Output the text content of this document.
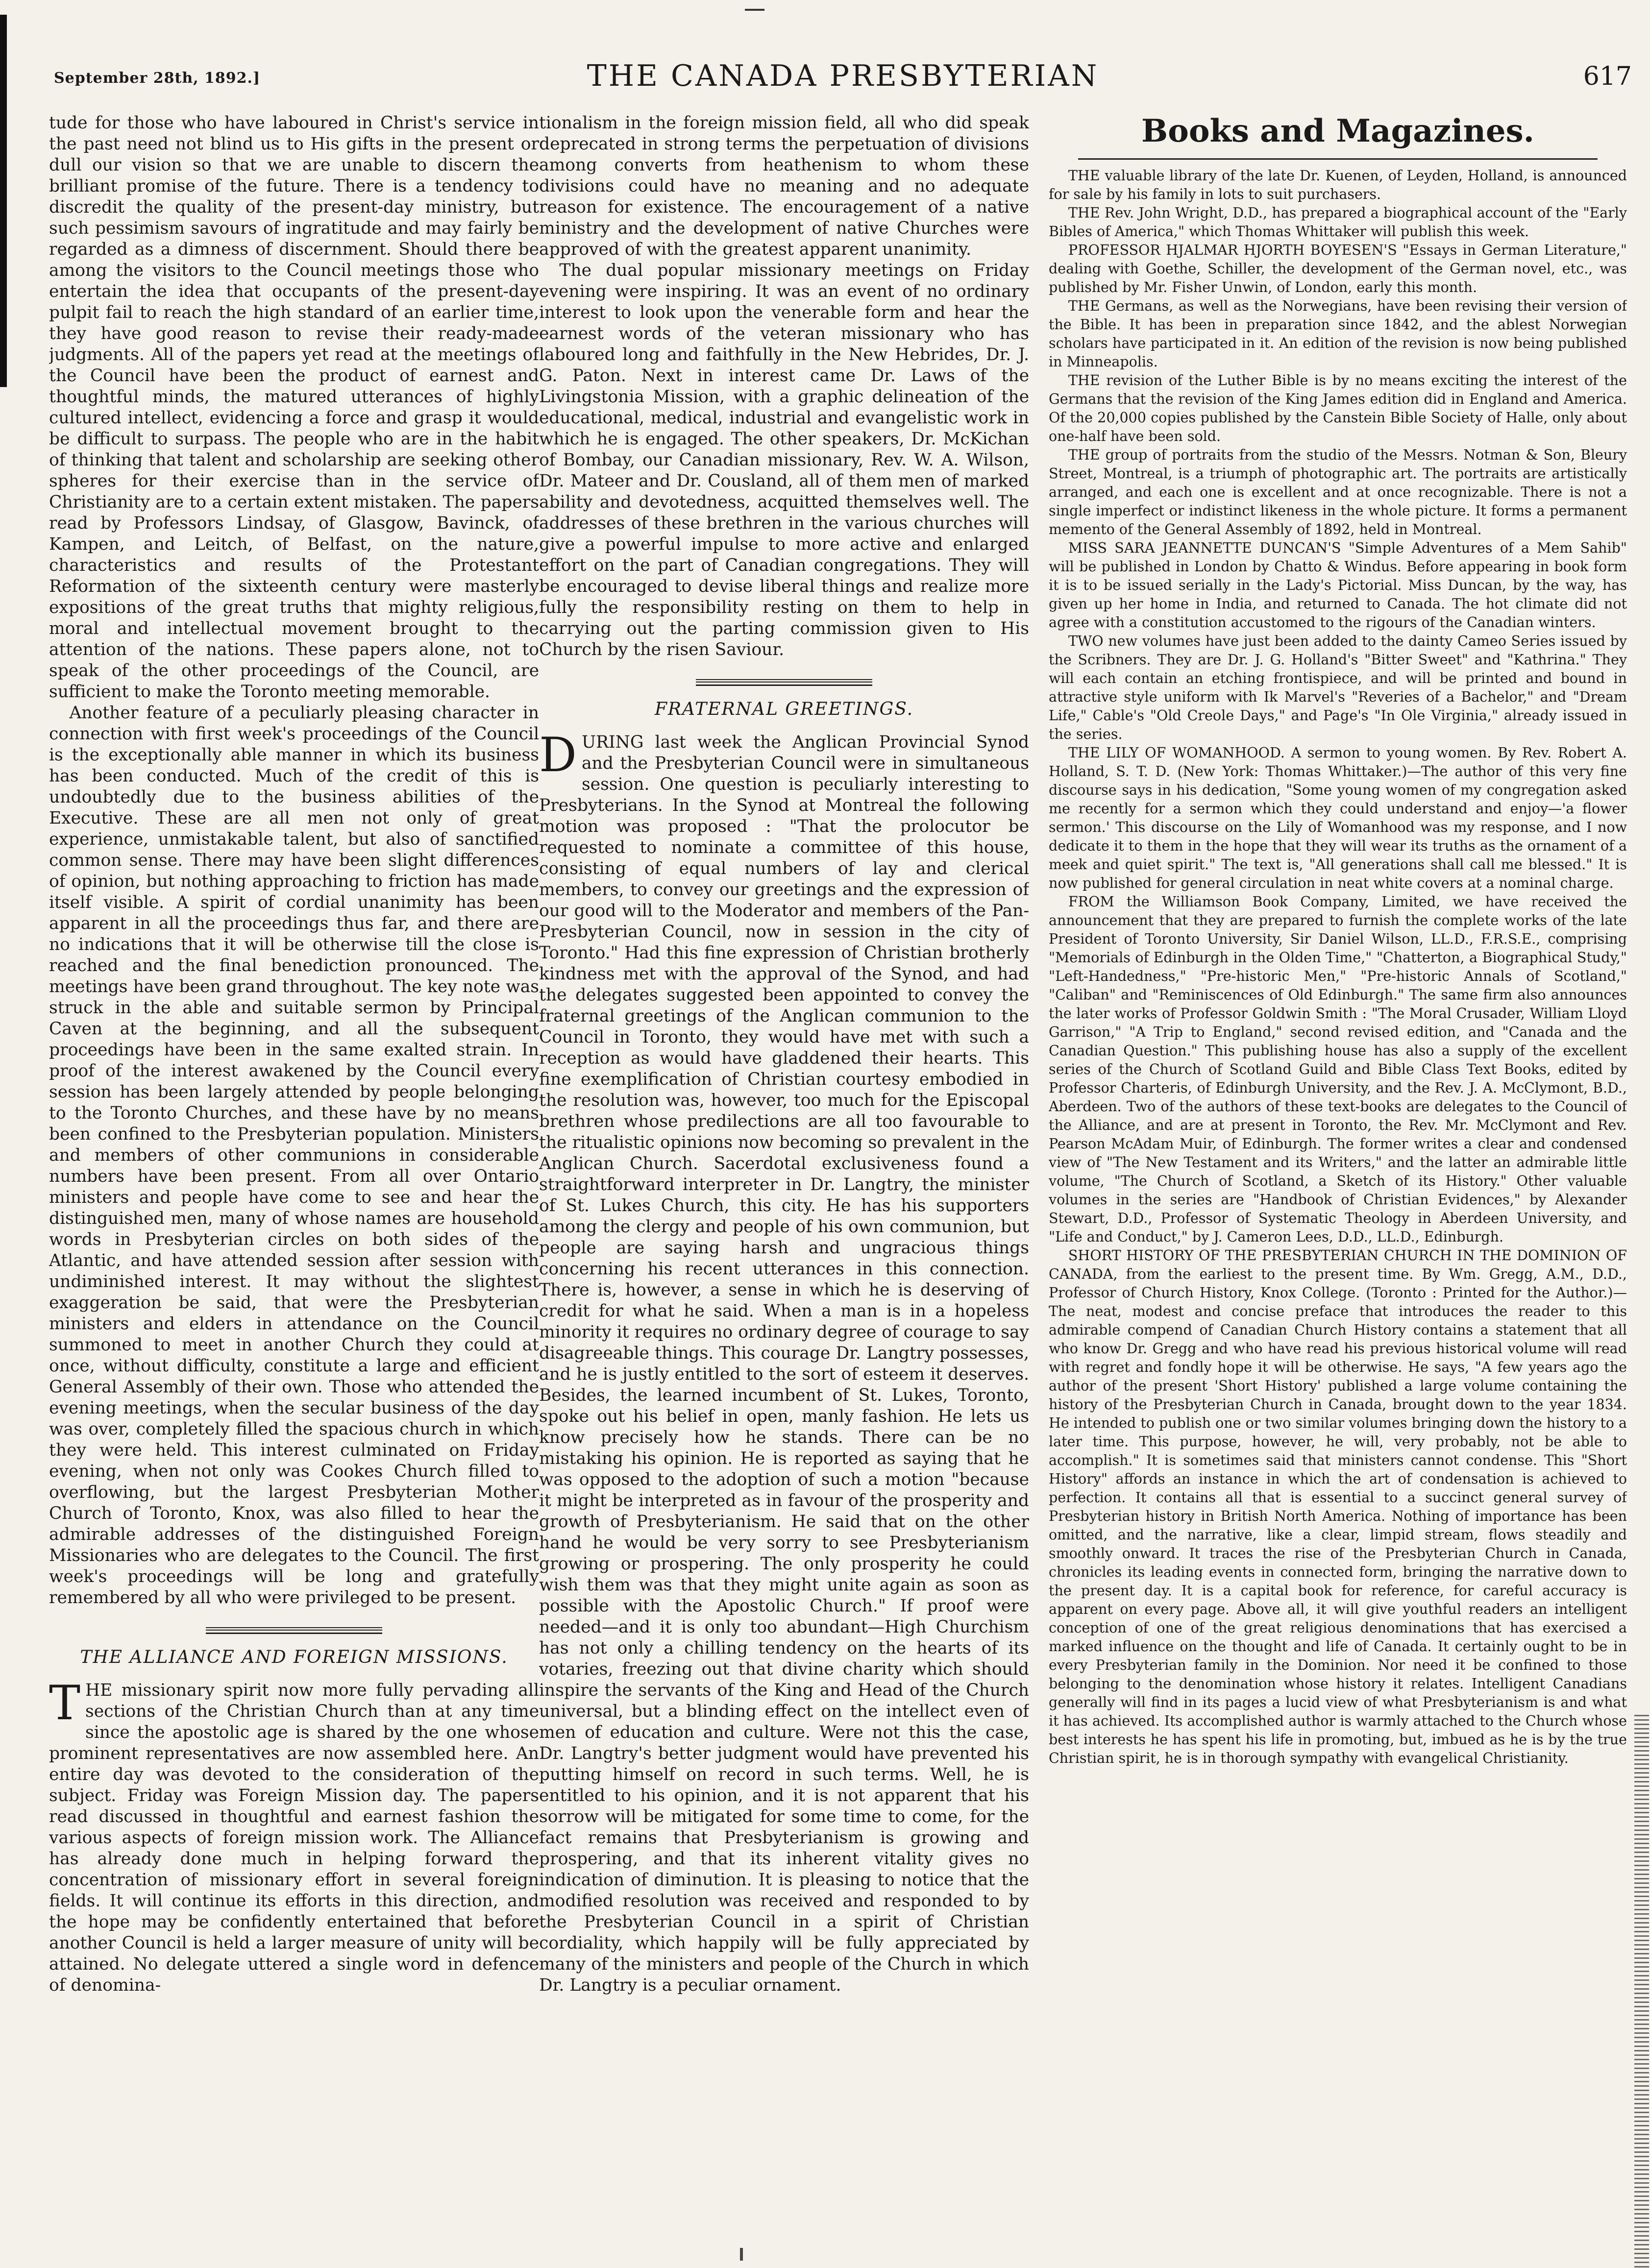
September 28th, 1892.]	THE CANADA PRESBYTERIAN	617

tude for those who have laboured in Christ's service in the past need not blind us to His gifts in the present or dull our vision so that we are unable to discern the brilliant promise of the future. There is a tendency to discredit the quality of the present-day ministry, but such pessimism savours of ingratitude and may fairly be regarded as a dimness of discernment. Should there be among the visitors to the Council meetings those who entertain the idea that occupants of the present-day pulpit fail to reach the high standard of an earlier time, they have good reason to revise their ready-made judgments. All of the papers yet read at the meetings of the Council have been the product of earnest and thoughtful minds, the matured utterances of highly cultured intellect, evidencing a force and grasp it would be difficult to surpass. The people who are in the habit of thinking that talent and scholarship are seeking other spheres for their exercise than in the service of Christianity are to a certain extent mistaken. The papers read by Professors Lindsay, of Glasgow, Bavinck, of Kampen, and Leitch, of Belfast, on the nature, characteristics and results of the Protestant Reformation of the sixteenth century were masterly expositions of the great truths that mighty religious, moral and intellectual movement brought to the attention of the nations. These papers alone, not to speak of the other proceedings of the Council, are sufficient to make the Toronto meeting memorable.

Another feature of a peculiarly pleasing character in connection with first week's proceedings of the Council is the exceptionally able manner in which its business has been conducted. Much of the credit of this is undoubtedly due to the business abilities of the Executive. These are all men not only of great experience, unmistakable talent, but also of sanctified common sense. There may have been slight differences of opinion, but nothing approaching to friction has made itself visible. A spirit of cordial unanimity has been apparent in all the proceedings thus far, and there are no indications that it will be otherwise till the close is reached and the final benediction pronounced. The meetings have been grand throughout. The key note was struck in the able and suitable sermon by Principal Caven at the beginning, and all the subsequent proceedings have been in the same exalted strain. In proof of the interest awakened by the Council every session has been largely attended by people belonging to the Toronto Churches, and these have by no means been confined to the Presbyterian population. Ministers and members of other communions in considerable numbers have been present. From all over Ontario ministers and people have come to see and hear the distinguished men, many of whose names are household words in Presbyterian circles on both sides of the Atlantic, and have attended session after session with undiminished interest. It may without the slightest exaggeration be said, that were the Presbyterian ministers and elders in attendance on the Council summoned to meet in another Church they could at once, without difficulty, constitute a large and efficient General Assembly of their own. Those who attended the evening meetings, when the secular business of the day was over, completely filled the spacious church in which they were held. This interest culminated on Friday evening, when not only was Cookes Church filled to overflowing, but the largest Presbyterian Mother Church of Toronto, Knox, was also filled to hear the admirable addresses of the distinguished Foreign Missionaries who are delegates to the Council. The first week's proceedings will be long and gratefully remembered by all who were privileged to be present.

THE ALLIANCE AND FOREIGN MISSIONS.

THE missionary spirit now more fully pervading all sections of the Christian Church than at any time since the apostolic age is shared by the one whose prominent representatives are now assembled here. An entire day was devoted to the consideration of the subject. Friday was Foreign Mission day. The papers read discussed in thoughtful and earnest fashion the various aspects of foreign mission work. The Alliance has already done much in helping forward the concentration of missionary effort in several foreign fields. It will continue its efforts in this direction, and the hope may be confidently entertained that before another Council is held a larger measure of unity will be attained. No delegate uttered a single word in defence of denomina-

tionalism in the foreign mission field, all who did speak deprecated in strong terms the perpetuation of divisions among converts from heathenism to whom these divisions could have no meaning and no adequate reason for existence. The encouragement of a native ministry and the development of native Churches were approved of with the greatest apparent unanimity.

The dual popular missionary meetings on Friday evening were inspiring. It was an event of no ordinary interest to look upon the venerable form and hear the earnest words of the veteran missionary who has laboured long and faithfully in the New Hebrides, Dr. J. G. Paton. Next in interest came Dr. Laws of the Livingstonia Mission, with a graphic delineation of the educational, medical, industrial and evangelistic work in which he is engaged. The other speakers, Dr. McKichan of Bombay, our Canadian missionary, Rev. W. A. Wilson, Dr. Mateer and Dr. Cousland, all of them men of marked ability and devotedness, acquitted themselves well. The addresses of these brethren in the various churches will give a powerful impulse to more active and enlarged effort on the part of Canadian congregations. They will be encouraged to devise liberal things and realize more fully the responsibility resting on them to help in carrying out the parting commission given to His Church by the risen Saviour.

FRATERNAL GREETINGS.

DURING last week the Anglican Provincial Synod and the Presbyterian Council were in simultaneous session. One question is peculiarly interesting to Presbyterians. In the Synod at Montreal the following motion was proposed : "That the prolocutor be requested to nominate a committee of this house, consisting of equal numbers of lay and clerical members, to convey our greetings and the expression of our good will to the Moderator and members of the Pan-Presbyterian Council, now in session in the city of Toronto." Had this fine expression of Christian brotherly kindness met with the approval of the Synod, and had the delegates suggested been appointed to convey the fraternal greetings of the Anglican communion to the Council in Toronto, they would have met with such a reception as would have gladdened their hearts. This fine exemplification of Christian courtesy embodied in the resolution was, however, too much for the Episcopal brethren whose predilections are all too favourable to the ritualistic opinions now becoming so prevalent in the Anglican Church. Sacerdotal exclusiveness found a straightforward interpreter in Dr. Langtry, the minister of St. Lukes Church, this city. He has his supporters among the clergy and people of his own communion, but people are saying harsh and ungracious things concerning his recent utterances in this connection. There is, however, a sense in which he is deserving of credit for what he said. When a man is in a hopeless minority it requires no ordinary degree of courage to say disagreeable things. This courage Dr. Langtry possesses, and he is justly entitled to the sort of esteem it deserves. Besides, the learned incumbent of St. Lukes, Toronto, spoke out his belief in open, manly fashion. He lets us know precisely how he stands. There can be no mistaking his opinion. He is reported as saying that he was opposed to the adoption of such a motion "because it might be interpreted as in favour of the prosperity and growth of Presbyterianism. He said that on the other hand he would be very sorry to see Presbyterianism growing or prospering. The only prosperity he could wish them was that they might unite again as soon as possible with the Apostolic Church." If proof were needed—and it is only too abundant—High Churchism has not only a chilling tendency on the hearts of its votaries, freezing out that divine charity which should inspire the servants of the King and Head of the Church universal, but a blinding effect on the intellect even of men of education and culture. Were not this the case, Dr. Langtry's better judgment would have prevented his putting himself on record in such terms. Well, he is entitled to his opinion, and it is not apparent that his sorrow will be mitigated for some time to come, for the fact remains that Presbyterianism is growing and prospering, and that its inherent vitality gives no indication of diminution. It is pleasing to notice that the modified resolution was received and responded to by the Presbyterian Council in a spirit of Christian cordiality, which happily will be fully appreciated by many of the ministers and people of the Church in which Dr. Langtry is a peculiar ornament.

Books and Magazines.

THE valuable library of the late Dr. Kuenen, of Leyden, Holland, is announced for sale by his family in lots to suit purchasers.

THE Rev. John Wright, D.D., has prepared a biographical account of the "Early Bibles of America," which Thomas Whittaker will publish this week.

PROFESSOR HJALMAR HJORTH BOYESEN'S "Essays in German Literature," dealing with Goethe, Schiller, the development of the German novel, etc., was published by Mr. Fisher Unwin, of London, early this month.

THE Germans, as well as the Norwegians, have been revising their version of the Bible. It has been in preparation since 1842, and the ablest Norwegian scholars have participated in it. An edition of the revision is now being published in Minneapolis.

THE revision of the Luther Bible is by no means exciting the interest of the Germans that the revision of the King James edition did in England and America. Of the 20,000 copies published by the Canstein Bible Society of Halle, only about one-half have been sold.

THE group of portraits from the studio of the Messrs. Notman & Son, Bleury Street, Montreal, is a triumph of photographic art. The portraits are artistically arranged, and each one is excellent and at once recognizable. There is not a single imperfect or indistinct likeness in the whole picture. It forms a permanent memento of the General Assembly of 1892, held in Montreal.

MISS SARA JEANNETTE DUNCAN'S "Simple Adventures of a Mem Sahib" will be published in London by Chatto & Windus. Before appearing in book form it is to be issued serially in the Lady's Pictorial. Miss Duncan, by the way, has given up her home in India, and returned to Canada. The hot climate did not agree with a constitution accustomed to the rigours of the Canadian winters.

TWO new volumes have just been added to the dainty Cameo Series issued by the Scribners. They are Dr. J. G. Holland's "Bitter Sweet" and "Kathrina." They will each contain an etching frontispiece, and will be printed and bound in attractive style uniform with Ik Marvel's "Reveries of a Bachelor," and "Dream Life," Cable's "Old Creole Days," and Page's "In Ole Virginia," already issued in the series.

THE LILY OF WOMANHOOD. A sermon to young women. By Rev. Robert A. Holland, S. T. D. (New York: Thomas Whittaker.)—The author of this very fine discourse says in his dedication, "Some young women of my congregation asked me recently for a sermon which they could understand and enjoy—'a flower sermon.' This discourse on the Lily of Womanhood was my response, and I now dedicate it to them in the hope that they will wear its truths as the ornament of a meek and quiet spirit." The text is, "All generations shall call me blessed." It is now published for general circulation in neat white covers at a nominal charge.

FROM the Williamson Book Company, Limited, we have received the announcement that they are prepared to furnish the complete works of the late President of Toronto University, Sir Daniel Wilson, LL.D., F.R.S.E., comprising "Memorials of Edinburgh in the Olden Time," "Chatterton, a Biographical Study," "Left-Handedness," "Pre-historic Men," "Pre-historic Annals of Scotland," "Caliban" and "Reminiscences of Old Edinburgh." The same firm also announces the later works of Professor Goldwin Smith : "The Moral Crusader, William Lloyd Garrison," "A Trip to England," second revised edition, and "Canada and the Canadian Question." This publishing house has also a supply of the excellent series of the Church of Scotland Guild and Bible Class Text Books, edited by Professor Charteris, of Edinburgh University, and the Rev. J. A. McClymont, B.D., Aberdeen. Two of the authors of these text-books are delegates to the Council of the Alliance, and are at present in Toronto, the Rev. Mr. McClymont and Rev. Pearson McAdam Muir, of Edinburgh. The former writes a clear and condensed view of "The New Testament and its Writers," and the latter an admirable little volume, "The Church of Scotland, a Sketch of its History." Other valuable volumes in the series are "Handbook of Christian Evidences," by Alexander Stewart, D.D., Professor of Systematic Theology in Aberdeen University, and "Life and Conduct," by J. Cameron Lees, D.D., LL.D., Edinburgh.

SHORT HISTORY OF THE PRESBYTERIAN CHURCH IN THE DOMINION OF CANADA, from the earliest to the present time. By Wm. Gregg, A.M., D.D., Professor of Church History, Knox College. (Toronto : Printed for the Author.)—The neat, modest and concise preface that introduces the reader to this admirable compend of Canadian Church History contains a statement that all who know Dr. Gregg and who have read his previous historical volume will read with regret and fondly hope it will be otherwise. He says, "A few years ago the author of the present 'Short History' published a large volume containing the history of the Presbyterian Church in Canada, brought down to the year 1834. He intended to publish one or two similar volumes bringing down the history to a later time. This purpose, however, he will, very probably, not be able to accomplish." It is sometimes said that ministers cannot condense. This "Short History" affords an instance in which the art of condensation is achieved to perfection. It contains all that is essential to a succinct general survey of Presbyterian history in British North America. Nothing of importance has been omitted, and the narrative, like a clear, limpid stream, flows steadily and smoothly onward. It traces the rise of the Presbyterian Church in Canada, chronicles its leading events in connected form, bringing the narrative down to the present day. It is a capital book for reference, for careful accuracy is apparent on every page. Above all, it will give youthful readers an intelligent conception of one of the great religious denominations that has exercised a marked influence on the thought and life of Canada. It certainly ought to be in every Presbyterian family in the Dominion. Nor need it be confined to those belonging to the denomination whose history it relates. Intelligent Canadians generally will find in its pages a lucid view of what Presbyterianism is and what it has achieved. Its accomplished author is warmly attached to the Church whose best interests he has spent his life in promoting, but, imbued as he is by the true Christian spirit, he is in thorough sympathy with evangelical Christianity.
